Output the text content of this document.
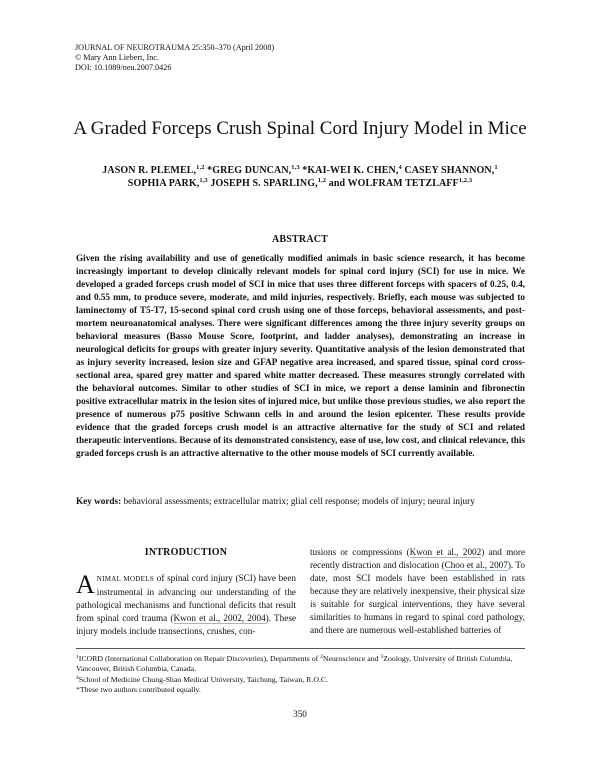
JOURNAL OF NEUROTRAUMA 25:350–370 (April 2008)
© Mary Ann Liebert, Inc.
DOI: 10.1089/neu.2007.0426
A Graded Forceps Crush Spinal Cord Injury Model in Mice
JASON R. PLEMEL,$^{1,2}$ *GREG DUNCAN,$^{1,3}$ *KAI-WEI K. CHEN,$^4$ CASEY SHANNON,$^1$
SOPHIA PARK,$^{1,3}$ JOSEPH S. SPARLING,$^{1,2}$ and WOLFRAM TETZLAFF$^{1,2,3}$
ABSTRACT
Given the rising availability and use of genetically modified animals in basic science research, it has become increasingly important to develop clinically relevant models for spinal cord injury (SCI) for use in mice. We developed a graded forceps crush model of SCI in mice that uses three different forceps with spacers of 0.25, 0.4, and 0.55 mm, to produce severe, moderate, and mild injuries, respectively. Briefly, each mouse was subjected to laminectomy of T5-T7, 15-second spinal cord crush using one of those forceps, behavioral assessments, and post-mortem neuroanatomical analyses. There were significant differences among the three injury severity groups on behavioral measures (Basso Mouse Score, footprint, and ladder analyses), demonstrating an increase in neurological deficits for groups with greater injury severity. Quantitative analysis of the lesion demonstrated that as injury severity increased, lesion size and GFAP negative area increased, and spared tissue, spinal cord cross-sectional area, spared grey matter and spared white matter decreased. These measures strongly correlated with the behavioral outcomes. Similar to other studies of SCI in mice, we report a dense laminin and fibronectin positive extracellular matrix in the lesion sites of injured mice, but unlike those previous studies, we also report the presence of numerous p75 positive Schwann cells in and around the lesion epicenter. These results provide evidence that the graded forceps crush model is an attractive alternative for the study of SCI and related therapeutic interventions. Because of its demonstrated consistency, ease of use, low cost, and clinical relevance, this graded forceps crush is an attractive alternative to the other mouse models of SCI currently available.
Key words: behavioral assessments; extracellular matrix; glial cell response; models of injury; neural injury
INTRODUCTION
ANIMAL MODELS of spinal cord injury (SCI) have been instrumental in advancing our understanding of the pathological mechanisms and functional deficits that result from spinal cord trauma (Kwon et al., 2002, 2004). These injury models include transections, crushes, con-
tusions or compressions (Kwon et al., 2002) and more recently distraction and dislocation (Choo et al., 2007). To date, most SCI models have been established in rats because they are relatively inexpensive, their physical size is suitable for surgical interventions, they have several similarities to humans in regard to spinal cord pathology, and there are numerous well-established batteries of
$^1$ICORD (International Collaboration on Repair Discoveries), Departments of $^2$Neuroscience and $^3$Zoology, University of British Columbia, Vancouver, British Columbia, Canada.
$^4$School of Medicine Chung-Shan Medical University, Taichung, Taiwan, R.O.C.
*These two authors contributed equally.
350
